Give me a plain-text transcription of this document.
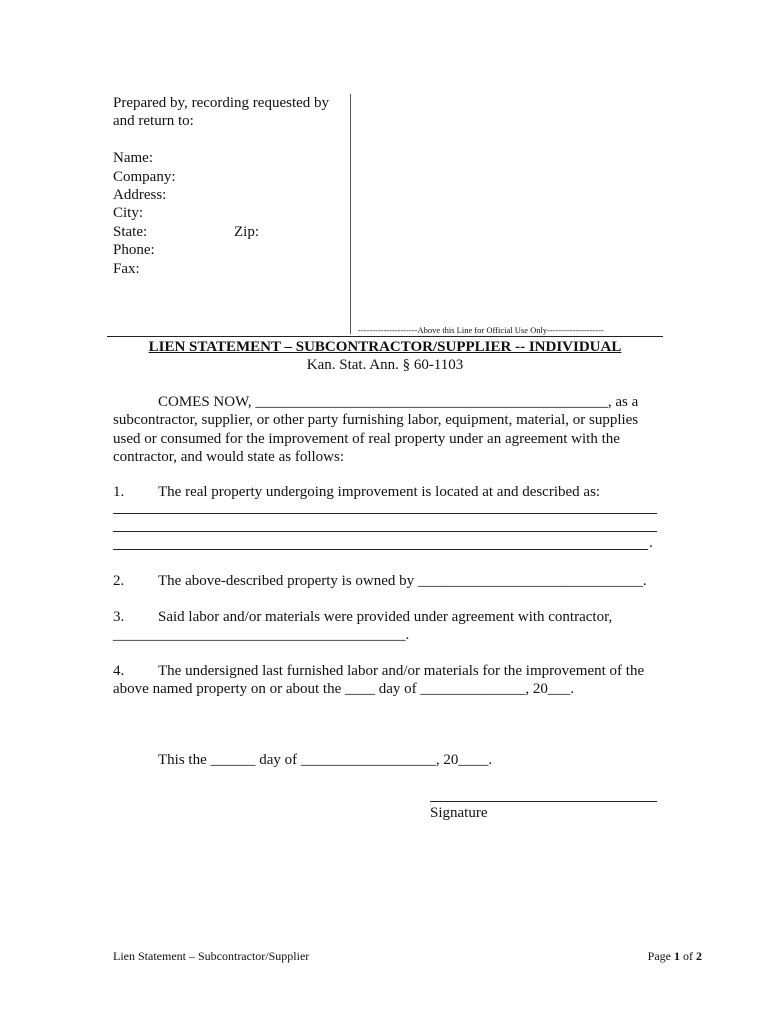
Prepared by, recording requested by
and return to:
Name:
Company:
Address:
City:
State:	Zip:
Phone:
Fax:
---------------------Above this Line for Official Use Only--------------------
LIEN STATEMENT – SUBCONTRACTOR/SUPPLIER -- INDIVIDUAL
Kan. Stat. Ann. § 60-1103
COMES NOW, _______________________________________________, as a
subcontractor, supplier, or other party furnishing labor, equipment, material, or supplies
used or consumed for the improvement of real property under an agreement with the
contractor, and would state as follows:
1. The real property undergoing improvement is located at and described as:
.
2. The above-described property is owned by ______________________________.
3. Said labor and/or materials were provided under agreement with contractor,
_______________________________________.
4. The undersigned last furnished labor and/or materials for the improvement of the
above named property on or about the ____ day of ______________, 20___.
This the ______ day of __________________, 20____.
Signature
Lien Statement – Subcontractor/Supplier	Page 1 of 2
